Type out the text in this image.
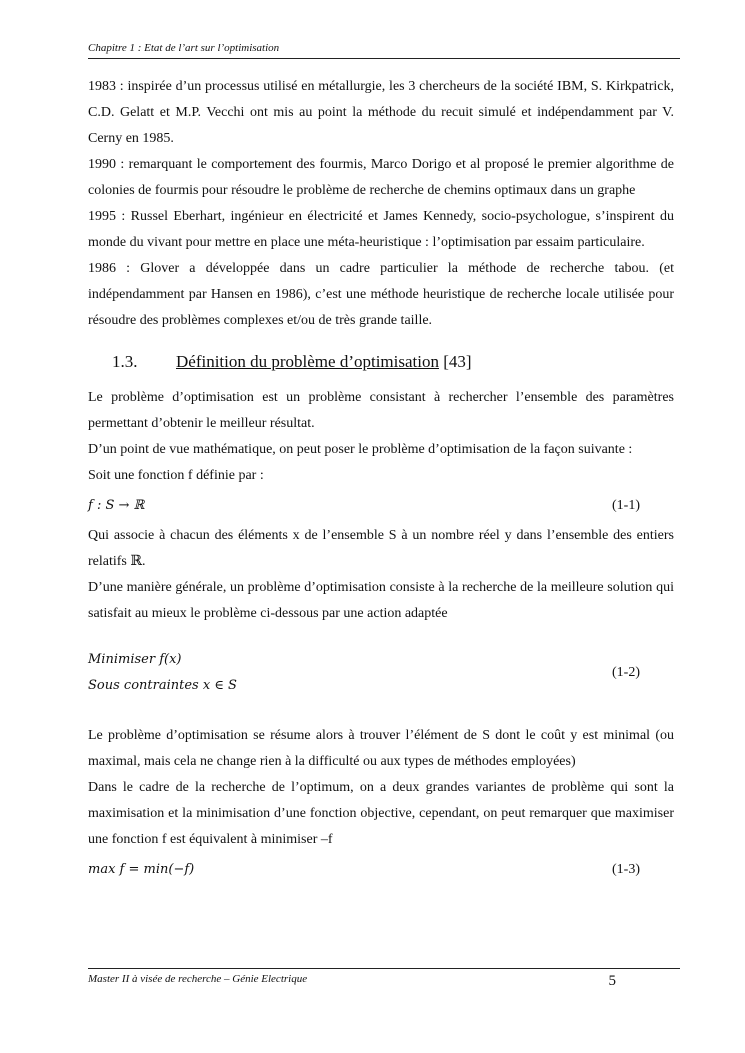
Chapitre 1 : Etat de l’art sur l’optimisation

1983 : inspirée d’un processus utilisé en métallurgie, les 3 chercheurs de la société IBM, S. Kirkpatrick, C.D. Gelatt et M.P. Vecchi ont mis au point la méthode du recuit simulé et indépendamment par V. Cerny en 1985.

1990 : remarquant le comportement des fourmis, Marco Dorigo et al proposé le premier algorithme de colonies de fourmis pour résoudre le problème de recherche de chemins optimaux dans un graphe

1995 : Russel Eberhart, ingénieur en électricité et James Kennedy, socio-psychologue, s’inspirent du monde du vivant pour mettre en place une méta-heuristique : l’optimisation par essaim particulaire.

1986 : Glover a développée dans un cadre particulier la méthode de recherche tabou. (et indépendamment par Hansen en 1986), c’est une méthode heuristique de recherche locale utilisée pour résoudre des problèmes complexes et/ou de très grande taille.

1.3. Définition du problème d’optimisation [43]

Le problème d’optimisation est un problème consistant à rechercher l’ensemble des paramètres permettant d’obtenir le meilleur résultat.

D’un point de vue mathématique, on peut poser le problème d’optimisation de la façon suivante :

Soit une fonction f définie par :

f : S → ℝ	(1-1)

Qui associe à chacun des éléments x de l’ensemble S à un nombre réel y dans l’ensemble des entiers relatifs ℝ.

D’une manière générale, un problème d’optimisation consiste à la recherche de la meilleure solution qui satisfait au mieux le problème ci-dessous par une action adaptée

Minimiser f(x)
Sous contraintes x ∈ S
(1-2)

Le problème d’optimisation se résume alors à trouver l’élément de S dont le coût y est minimal (ou maximal, mais cela ne change rien à la difficulté ou aux types de méthodes employées)

Dans le cadre de la recherche de l’optimum, on a deux grandes variantes de problème qui sont la maximisation et la minimisation d’une fonction objective, cependant, on peut remarquer que maximiser une fonction f est équivalent à minimiser –f

max f = min(−f)	(1-3)
Master II à visée de recherche – Génie Electrique	5
